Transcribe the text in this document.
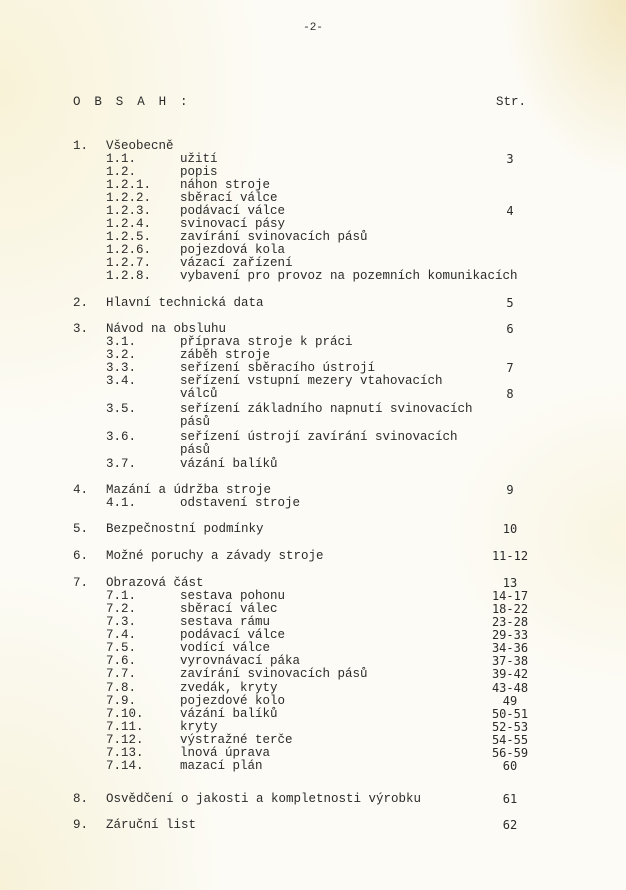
-2-
O B S A H :	Str.
1. Všeobecně
1.1.	užití	3
1.2.	popis
1.2.1. náhon stroje
1.2.2. sběrací válce
1.2.3. podávací válce	4
1.2.4. svinovací pásy
1.2.5. zavírání svinovacích pásů
1.2.6. pojezdová kola
1.2.7. vázací zařízení
1.2.8. vybavení pro provoz na pozemních komunikacích
2. Hlavní technická data	5
3. Návod na obsluhu	6
3.1.	příprava stroje k práci
3.2.	záběh stroje
3.3.	seřízení sběracího ústrojí	7
3.4.	seřízení vstupní mezery vtahovacích
válců	8
3.5.	seřízení základního napnutí svinovacích
pásů
3.6.	seřízení ústrojí zavírání svinovacích
pásů
3.7.	vázání balíků
4. Mazání a údržba stroje	9
4.1.	odstavení stroje
5. Bezpečnostní podmínky	10
6. Možné poruchy a závady stroje	11-12
7. Obrazová část	13
7.1.	sestava pohonu	14-17
7.2.	sběrací válec	18-22
7.3.	sestava rámu	23-28
7.4.	podávací válce	29-33
7.5.	vodící válce	34-36
7.6.	vyrovnávací páka	37-38
7.7.	zavírání svinovacích pásů	39-42
7.8.	zvedák, kryty	43-48
7.9.	pojezdové kolo	49
7.10.	vázání balíků	50-51
7.11.	kryty	52-53
7.12.	výstražné terče	54-55
7.13.	lnová úprava	56-59
7.14.	mazací plán	60
8. Osvědčení o jakosti a kompletnosti výrobku	61
9. Záruční list	62
